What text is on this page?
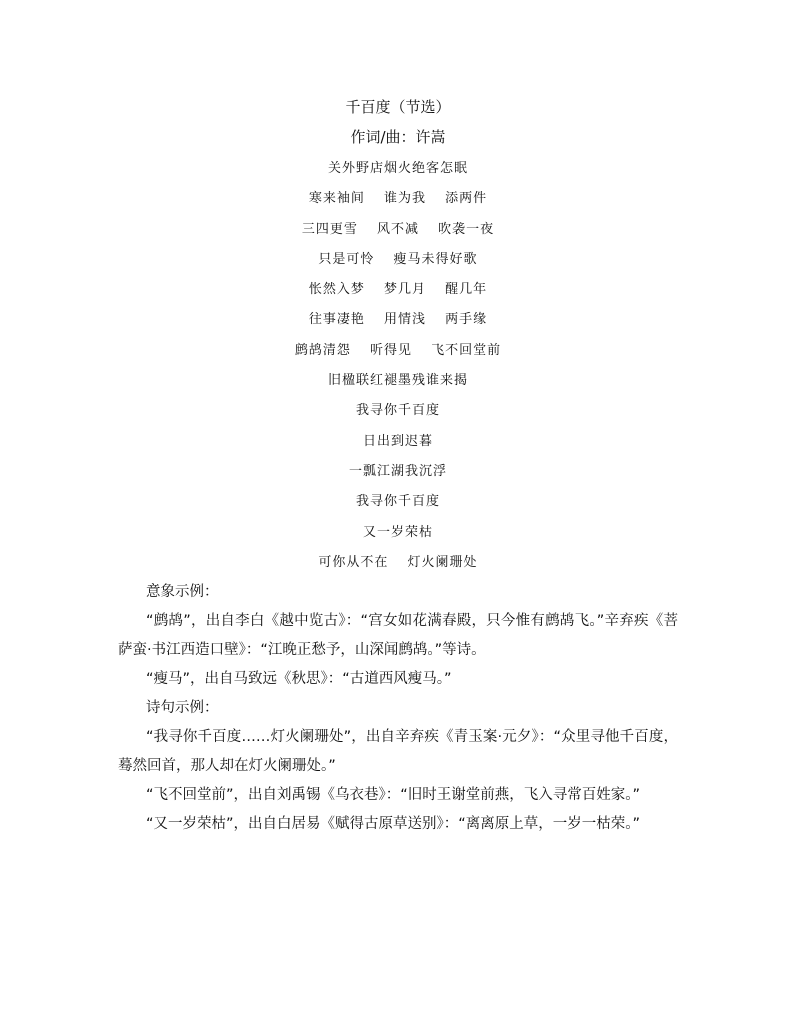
千百度（节选）
作词/曲：许嵩
关外野店烟火绝客怎眠
寒来袖间　 谁为我　 添两件
三四更雪　 风不减　 吹袭一夜
只是可怜　 瘦马未得好歌
怅然入梦　 梦几月　 醒几年
往事凄艳　 用情浅　 两手缘
鹧鸪清怨　 听得见　 飞不回堂前
旧楹联红褪墨残谁来揭
我寻你千百度
日出到迟暮
一瓢江湖我沉浮
我寻你千百度
又一岁荣枯
可你从不在　 灯火阑珊处

意象示例：

“鹧鸪”，出自李白《越中览古》：“宫女如花满春殿，只今惟有鹧鸪飞。”辛弃疾《菩萨蛮·书江西造口壁》：“江晚正愁予，山深闻鹧鸪。”等诗。

“瘦马”，出自马致远《秋思》：“古道西风瘦马。”

诗句示例：

“我寻你千百度……灯火阑珊处”，出自辛弃疾《青玉案·元夕》：“众里寻他千百度，蓦然回首，那人却在灯火阑珊处。”

“飞不回堂前”，出自刘禹锡《乌衣巷》：“旧时王谢堂前燕，飞入寻常百姓家。”

“又一岁荣枯”，出自白居易《赋得古原草送别》：“离离原上草，一岁一枯荣。”
